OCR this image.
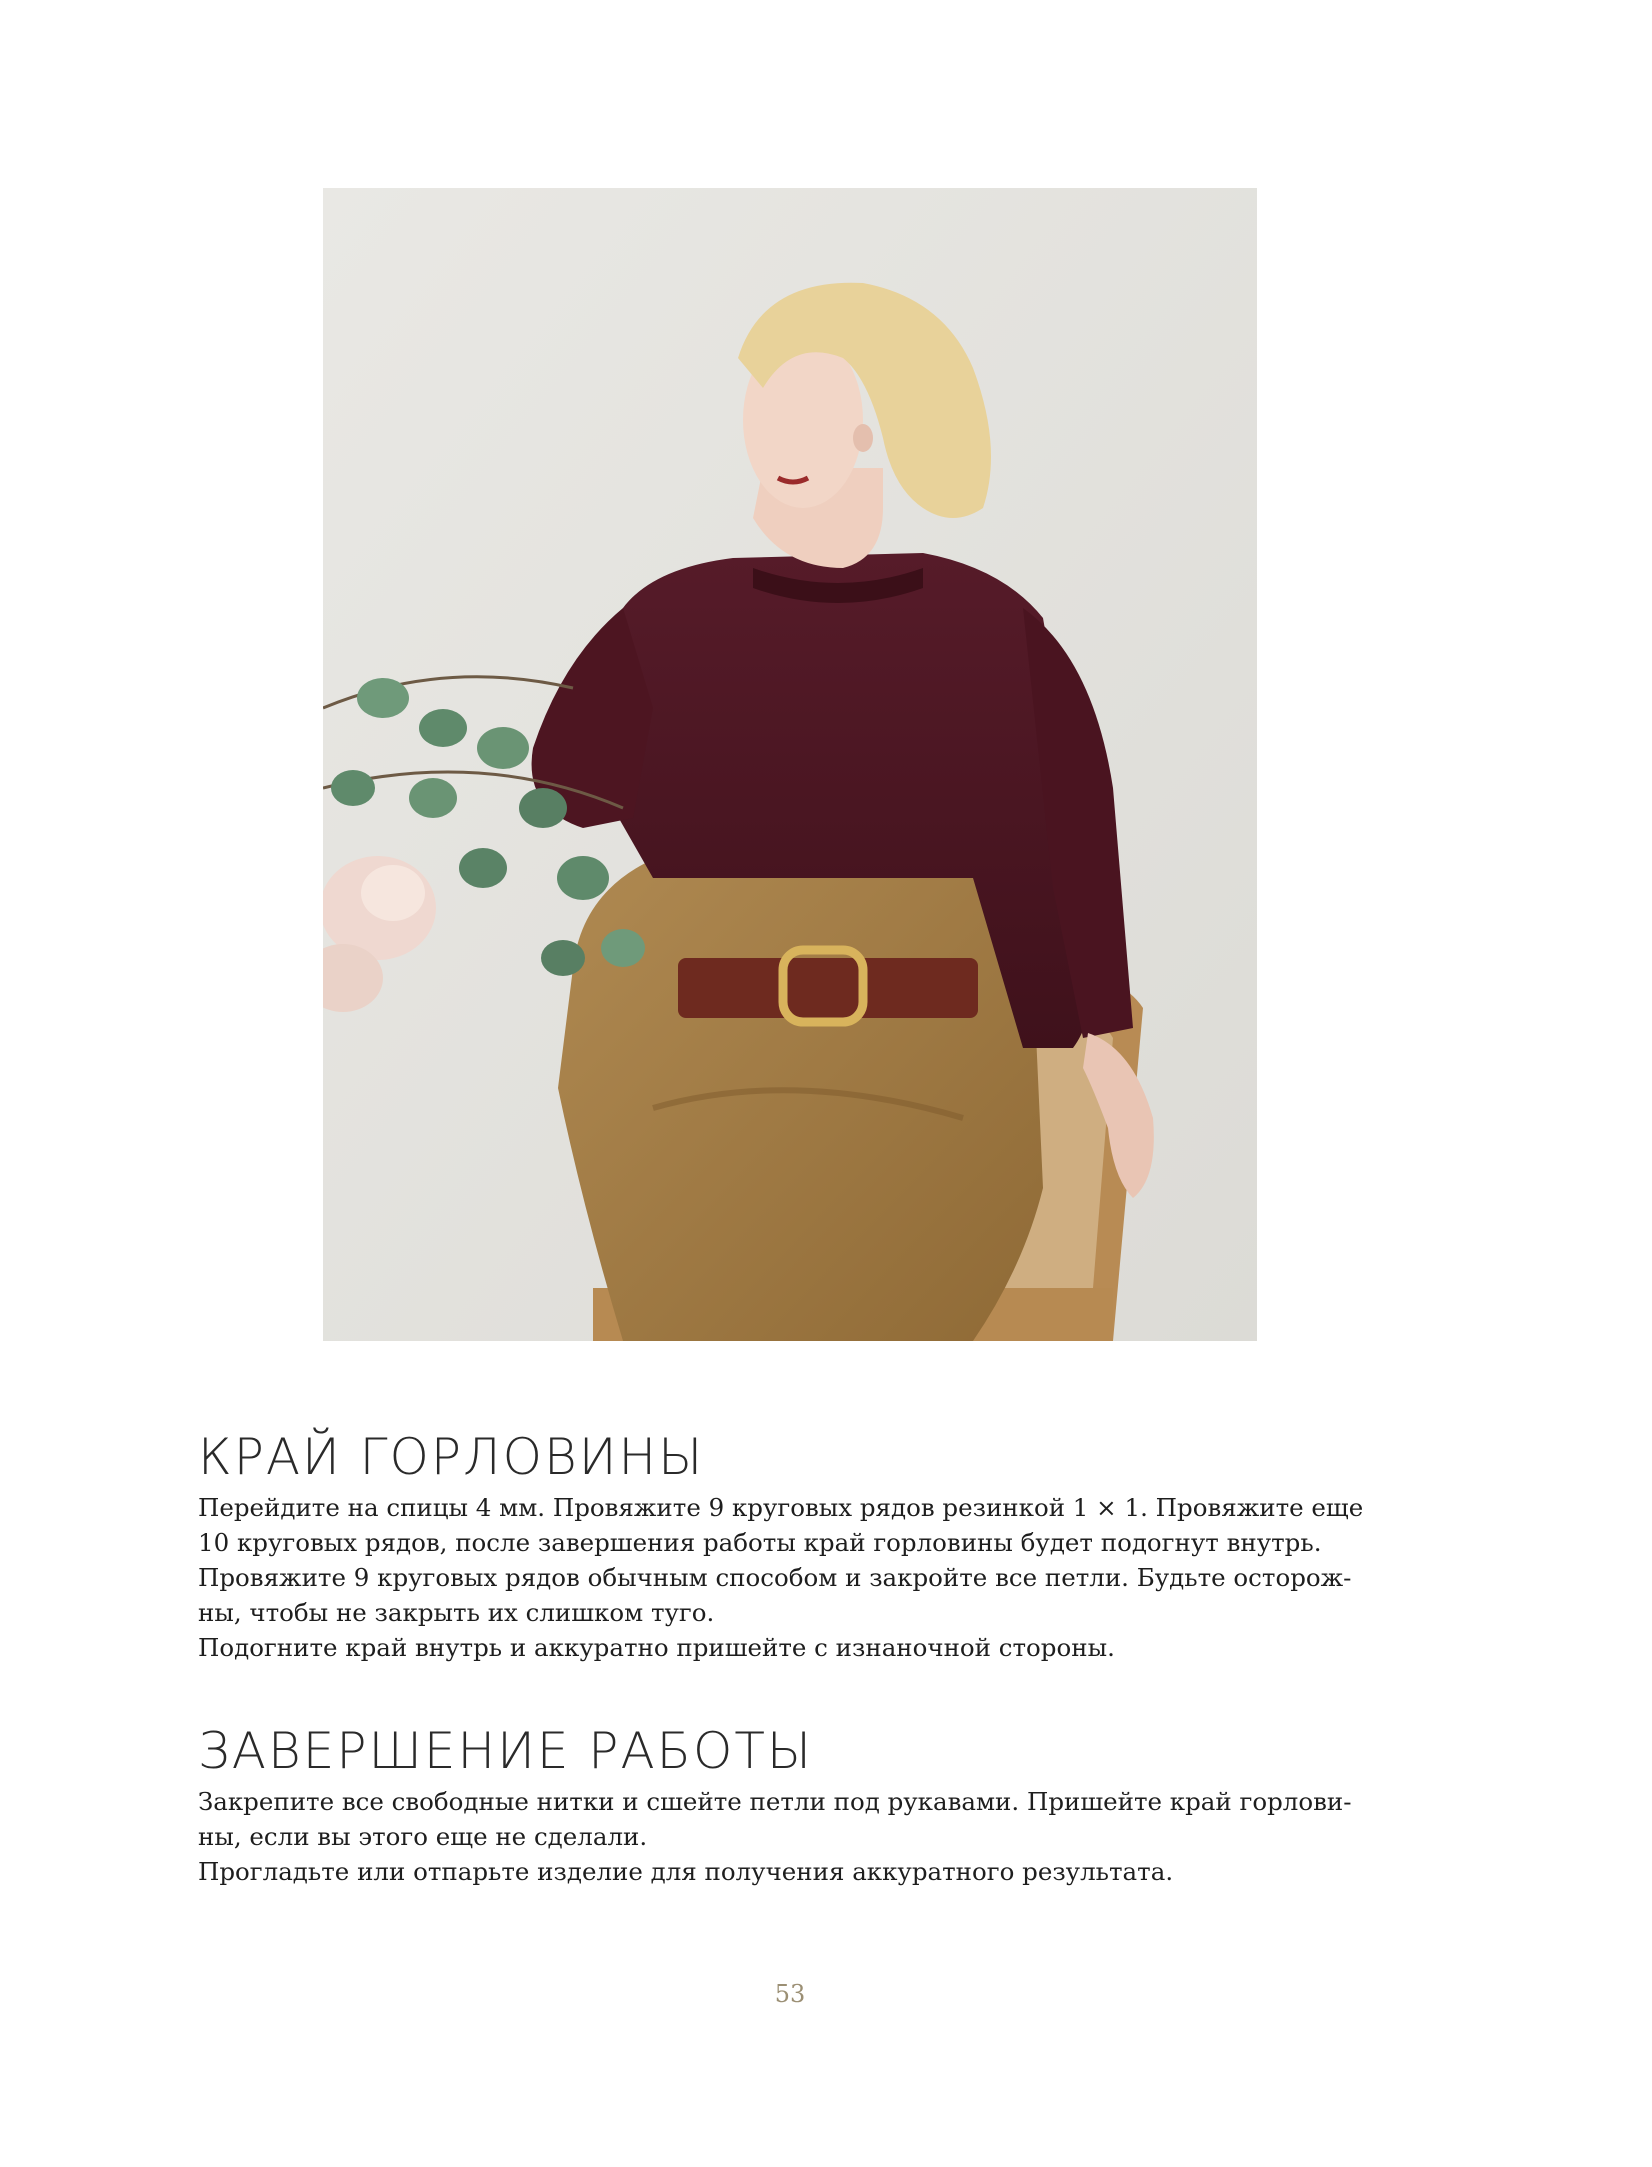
КРАЙ ГОРЛОВИНЫ

Перейдите на спицы 4 мм. Провяжите 9 круговых рядов резинкой 1 × 1. Провяжите еще
10 круговых рядов, после завершения работы край горловины будет подогнут внутрь.
Провяжите 9 круговых рядов обычным способом и закройте все петли. Будьте осторож-
ны, чтобы не закрыть их слишком туго.
Подогните край внутрь и аккуратно пришейте с изнаночной стороны.

ЗАВЕРШЕНИЕ РАБОТЫ

Закрепите все свободные нитки и сшейте петли под рукавами. Пришейте край горлови-
ны, если вы этого еще не сделали.
Прогладьте или отпарьте изделие для получения аккуратного результата.

53
